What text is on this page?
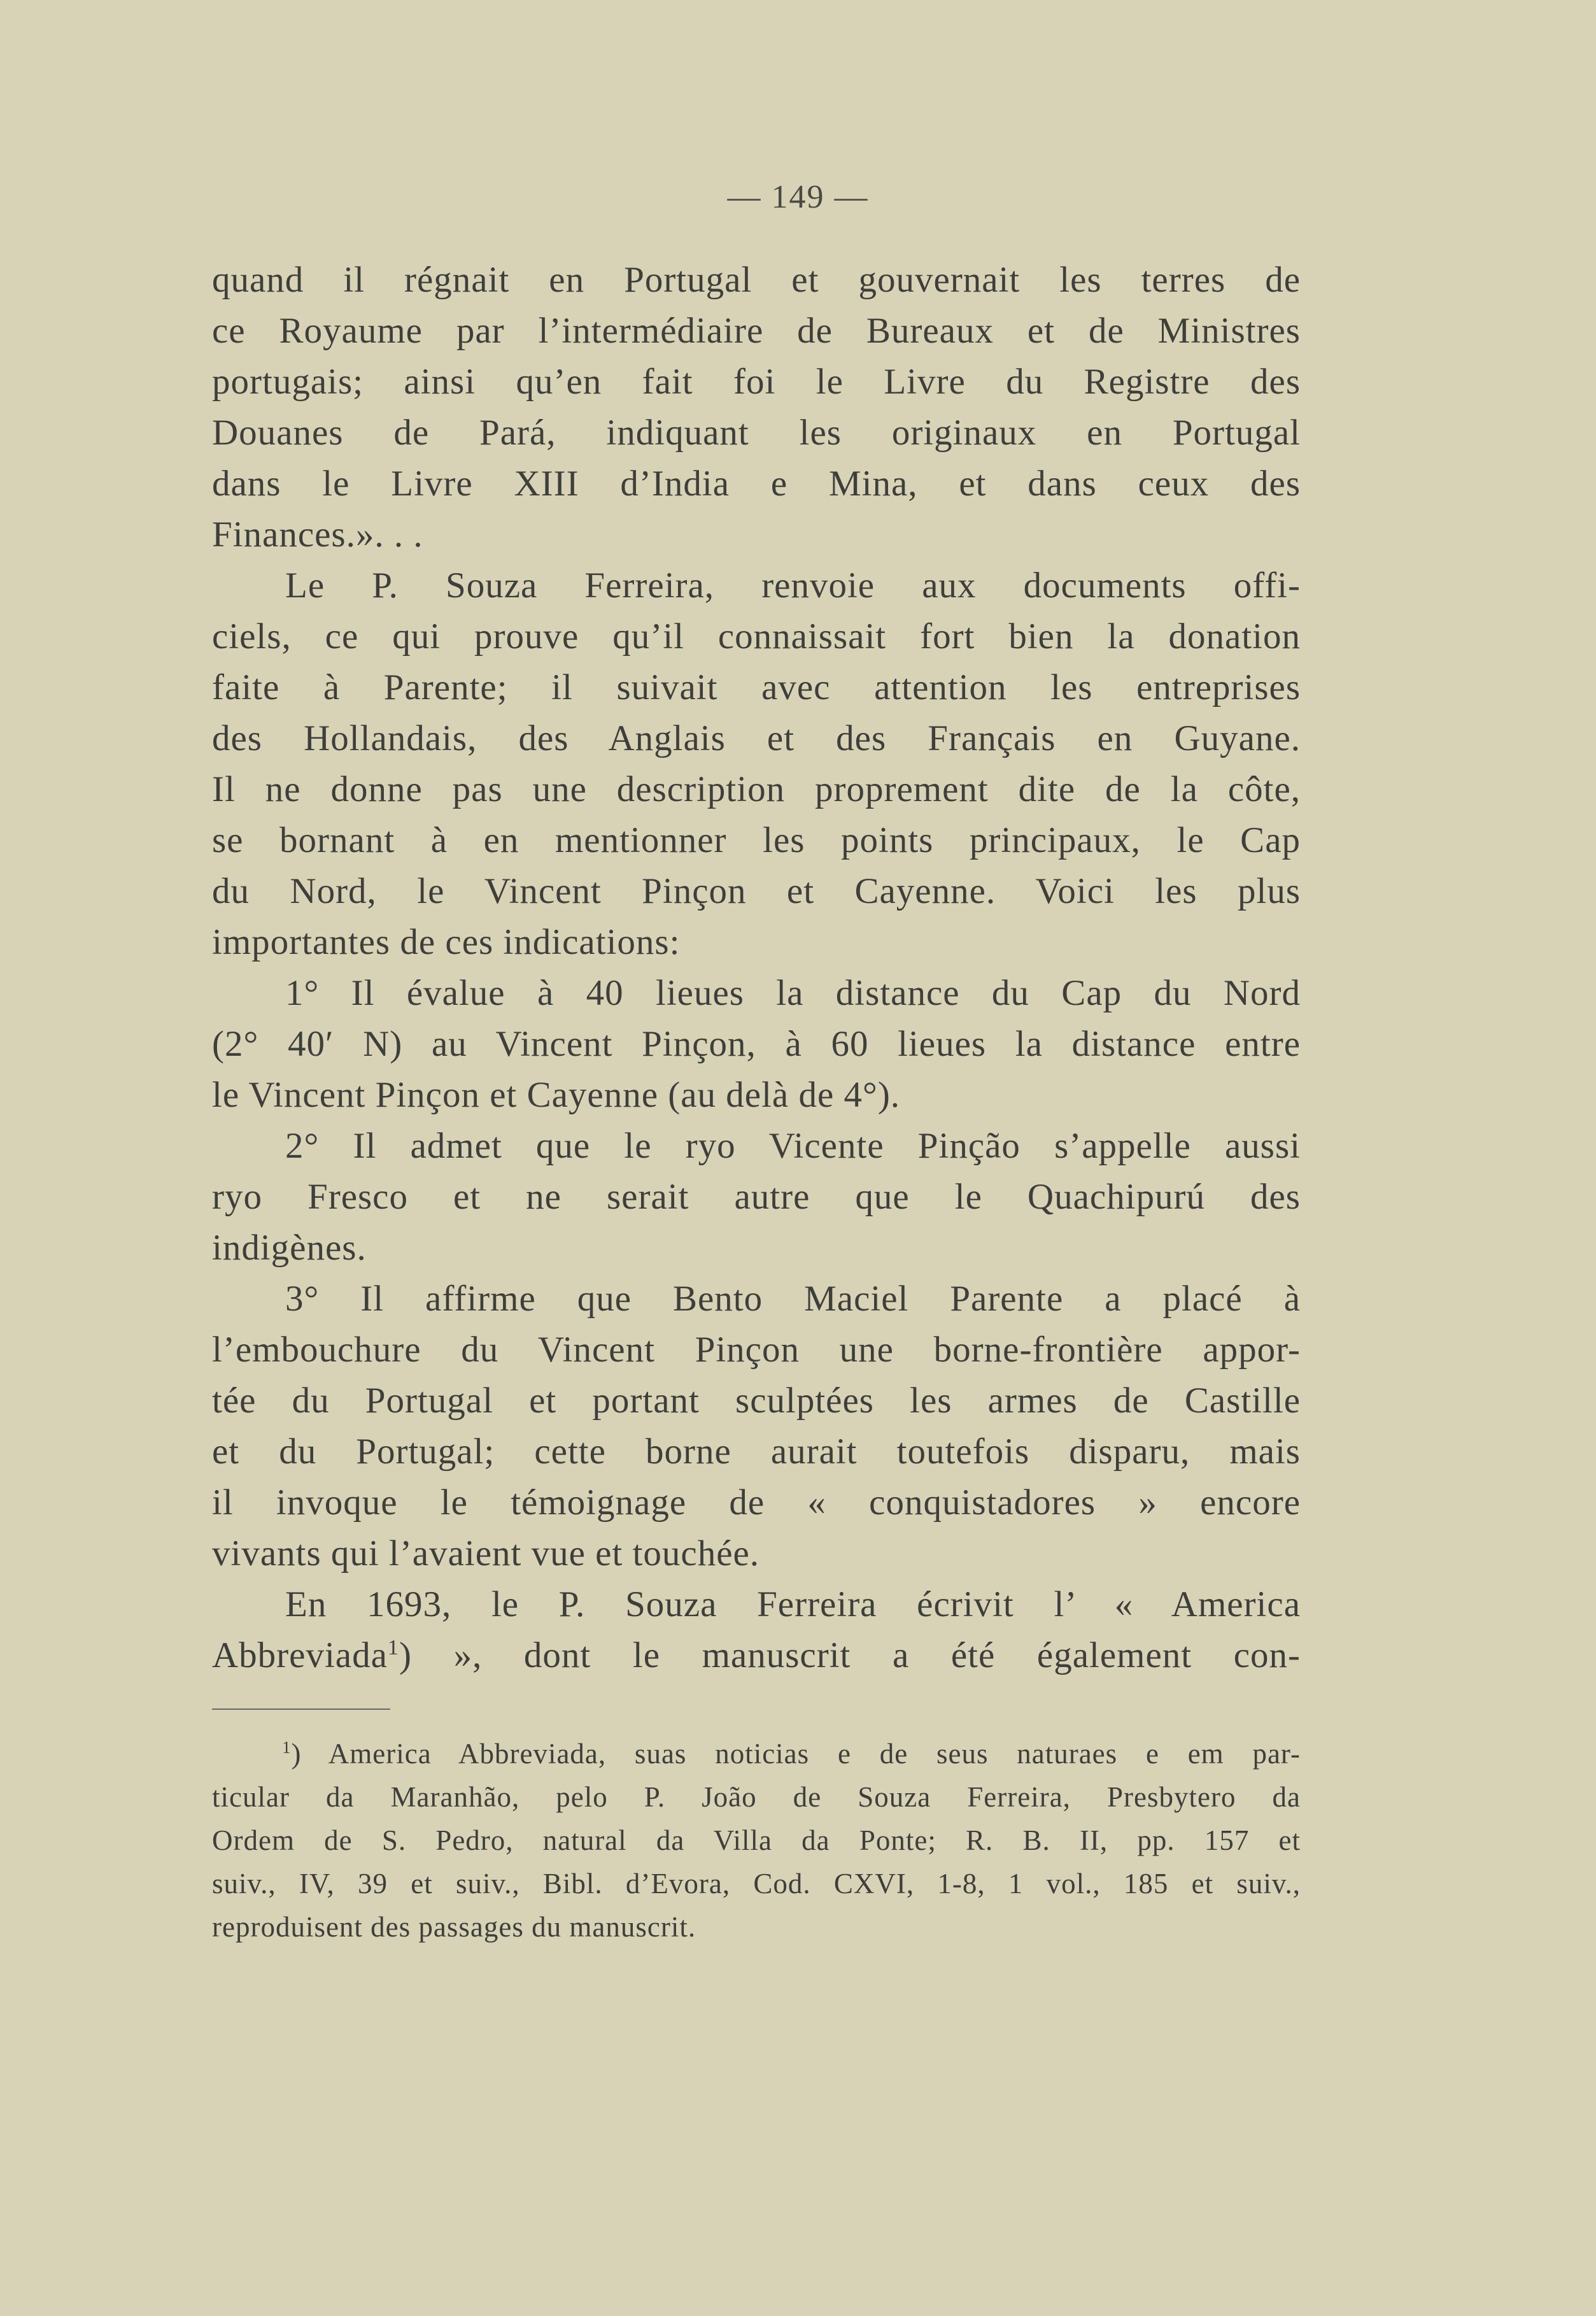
— 149 —
quand il régnait en Portugal et gouvernait les terres de
ce Royaume par l’intermédiaire de Bureaux et de Ministres
portugais; ainsi qu’en fait foi le Livre du Registre des
Douanes de Pará, indiquant les originaux en Portugal
dans le Livre XIII d’India e Mina, et dans ceux des
Finances.». . .
Le P. Souza Ferreira, renvoie aux documents offi-
ciels, ce qui prouve qu’il connaissait fort bien la donation
faite à Parente; il suivait avec attention les entreprises
des Hollandais, des Anglais et des Français en Guyane.
Il ne donne pas une description proprement dite de la côte,
se bornant à en mentionner les points principaux, le Cap
du Nord, le Vincent Pinçon et Cayenne. Voici les plus
importantes de ces indications:
1° Il évalue à 40 lieues la distance du Cap du Nord
(2° 40′ N) au Vincent Pinçon, à 60 lieues la distance entre
le Vincent Pinçon et Cayenne (au delà de 4°).
2° Il admet que le ryo Vicente Pinção s’appelle aussi
ryo Fresco et ne serait autre que le Quachipurú des
indigènes.
3° Il affirme que Bento Maciel Parente a placé à
l’embouchure du Vincent Pinçon une borne-frontière appor-
tée du Portugal et portant sculptées les armes de Castille
et du Portugal; cette borne aurait toutefois disparu, mais
il invoque le témoignage de « conquistadores » encore
vivants qui l’avaient vue et touchée.
En 1693, le P. Souza Ferreira écrivit l’ « America
Abbreviada$^1$) », dont le manuscrit a été également con-
$^1$) America Abbreviada, suas noticias e de seus naturaes e em par-
ticular da Maranhão, pelo P. João de Souza Ferreira, Presbytero da
Ordem de S. Pedro, natural da Villa da Ponte; R. B. II, pp. 157 et
suiv., IV, 39 et suiv., Bibl. d’Evora, Cod. CXVI, 1-8, 1 vol., 185 et suiv.,
reproduisent des passages du manuscrit.
